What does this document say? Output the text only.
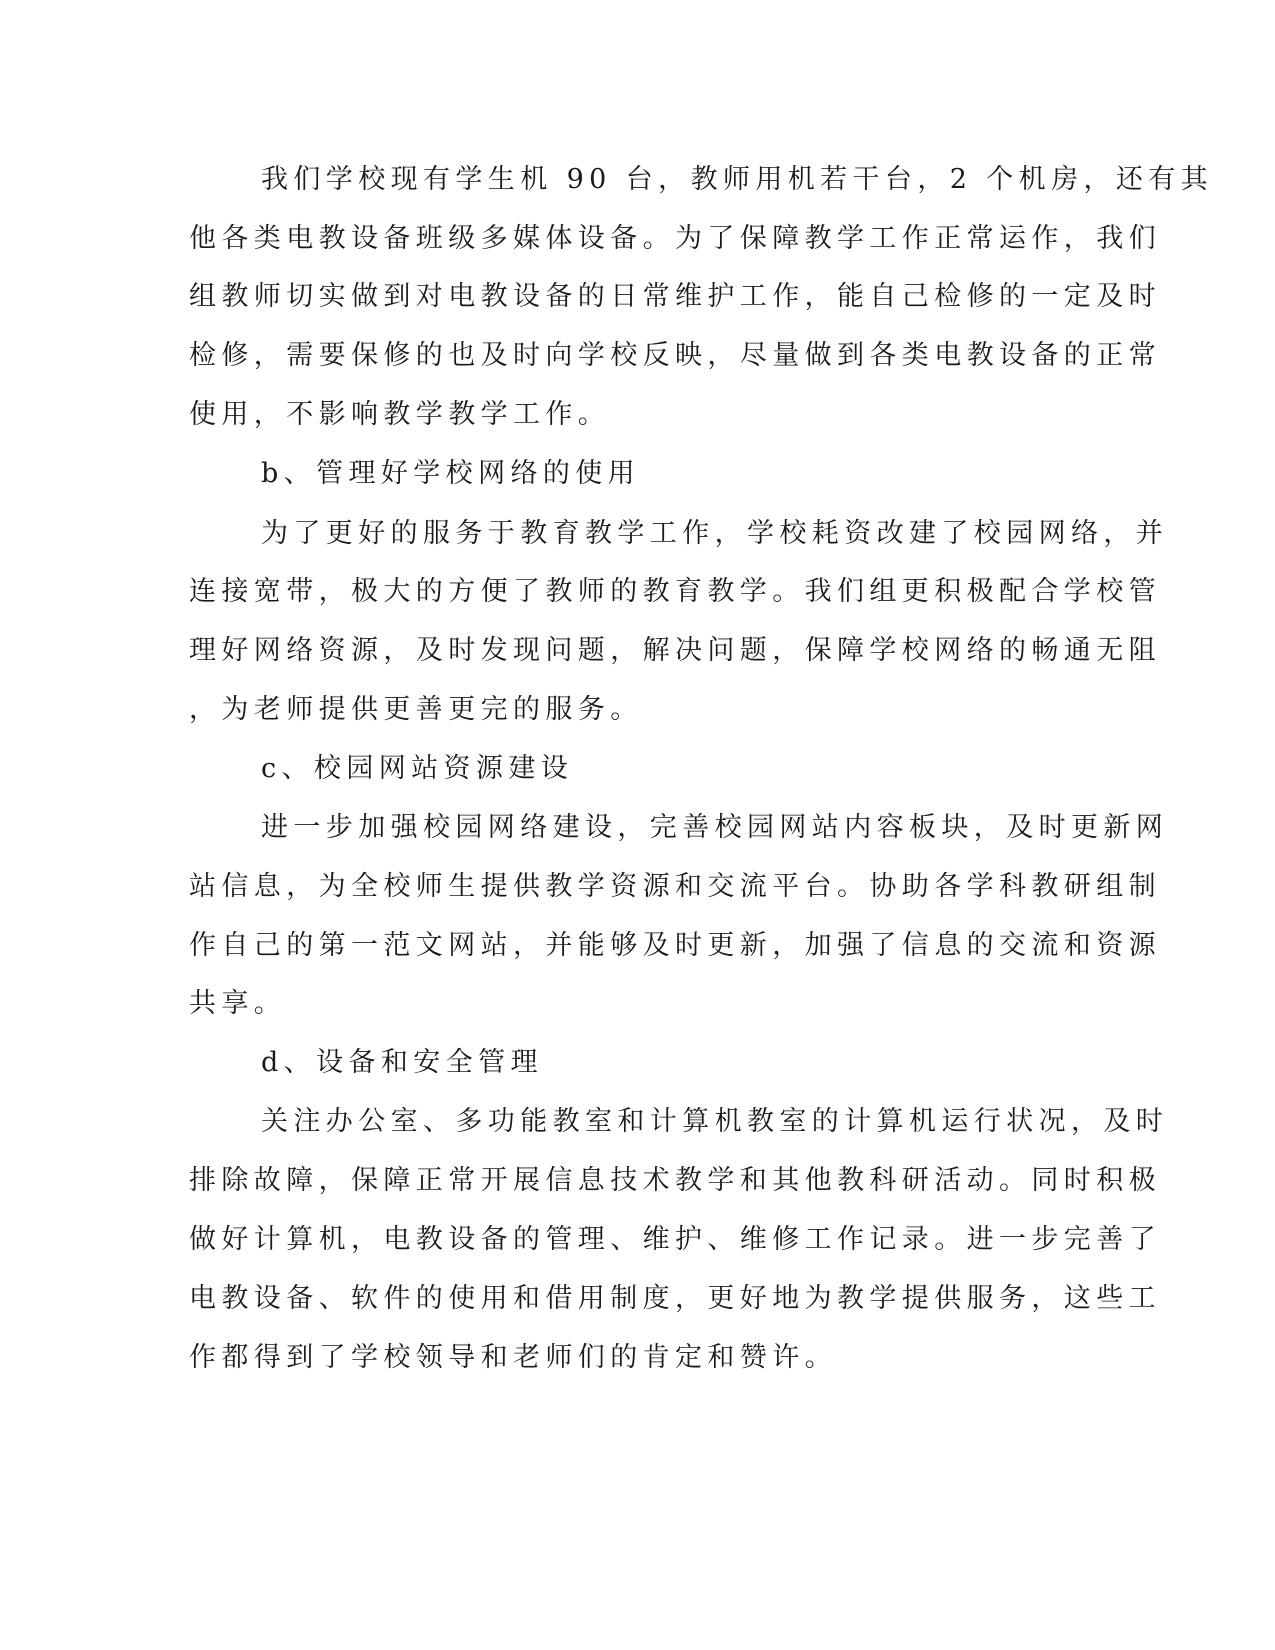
我们学校现有学生机 90 台，教师用机若干台，2 个机房，还有其
他各类电教设备班级多媒体设备。为了保障教学工作正常运作，我们
组教师切实做到对电教设备的日常维护工作，能自己检修的一定及时
检修，需要保修的也及时向学校反映，尽量做到各类电教设备的正常
使用，不影响教学教学工作。
b、管理好学校网络的使用
为了更好的服务于教育教学工作，学校耗资改建了校园网络，并
连接宽带，极大的方便了教师的教育教学。我们组更积极配合学校管
理好网络资源，及时发现问题，解决问题，保障学校网络的畅通无阻
，为老师提供更善更完的服务。
c、校园网站资源建设
进一步加强校园网络建设，完善校园网站内容板块，及时更新网
站信息，为全校师生提供教学资源和交流平台。协助各学科教研组制
作自己的第一范文网站，并能够及时更新，加强了信息的交流和资源
共享。
d、设备和安全管理
关注办公室、多功能教室和计算机教室的计算机运行状况，及时
排除故障，保障正常开展信息技术教学和其他教科研活动。同时积极
做好计算机，电教设备的管理、维护、维修工作记录。进一步完善了
电教设备、软件的使用和借用制度，更好地为教学提供服务，这些工
作都得到了学校领导和老师们的肯定和赞许。
